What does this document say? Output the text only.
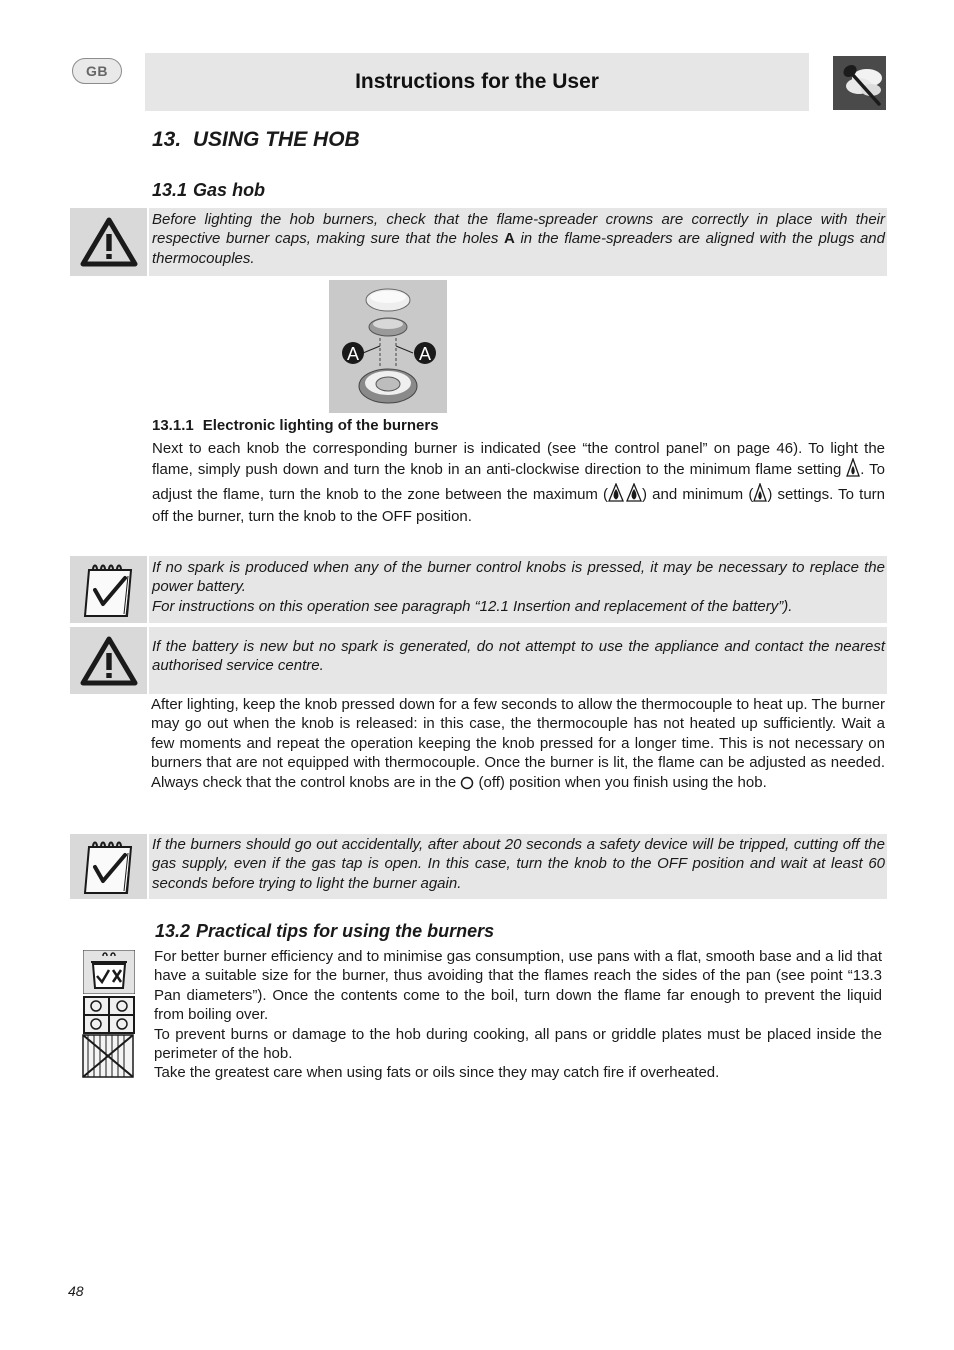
GB	Instructions for the User
13. USING THE HOB
13.1 Gas hob
Before lighting the hob burners, check that the flame-spreader crowns are correctly in place with their respective burner caps, making sure that the holes A in the flame-spreaders are aligned with the plugs and thermocouples.
A	A
13.1.1 Electronic lighting of the burners

Next to each knob the corresponding burner is indicated (see “the control panel” on page 46). To light the flame, simply push down and turn the knob in an anti-clockwise direction to the minimum flame setting . To adjust the flame, turn the knob to the zone between the maximum ( ) and minimum ( ) settings. To turn off the burner, turn the knob to the OFF position.

If no spark is produced when any of the burner control knobs is pressed, it may be necessary to replace the power battery.
For instructions on this operation see paragraph “12.1 Insertion and replacement of the battery”).
If the battery is new but no spark is generated, do not attempt to use the appliance and contact the nearest authorised service centre.
After lighting, keep the knob pressed down for a few seconds to allow the thermocouple to heat up. The burner may go out when the knob is released: in this case, the thermocouple has not heated up sufficiently. Wait a few moments and repeat the operation keeping the knob pressed for a longer time. This is not necessary on burners that are not equipped with thermocouple. Once the burner is lit, the flame can be adjusted as needed. Always check that the control knobs are in the  (off) position when you finish using the hob.
If the burners should go out accidentally, after about 20 seconds a safety device will be tripped, cutting off the gas supply, even if the gas tap is open. In this case, turn the knob to the OFF position and wait at least 60 seconds before trying to light the burner again.
13.2 Practical tips for using the burners

For better burner efficiency and to minimise gas consumption, use pans with a flat, smooth base and a lid that have a suitable size for the burner, thus avoiding that the flames reach the sides of the pan (see point “13.3 Pan diameters”). Once the contents come to the boil, turn down the flame far enough to prevent the liquid from boiling over.

To prevent burns or damage to the hob during cooking, all pans or griddle plates must be placed inside the perimeter of the hob.

Take the greatest care when using fats or oils since they may catch fire if overheated.

48
